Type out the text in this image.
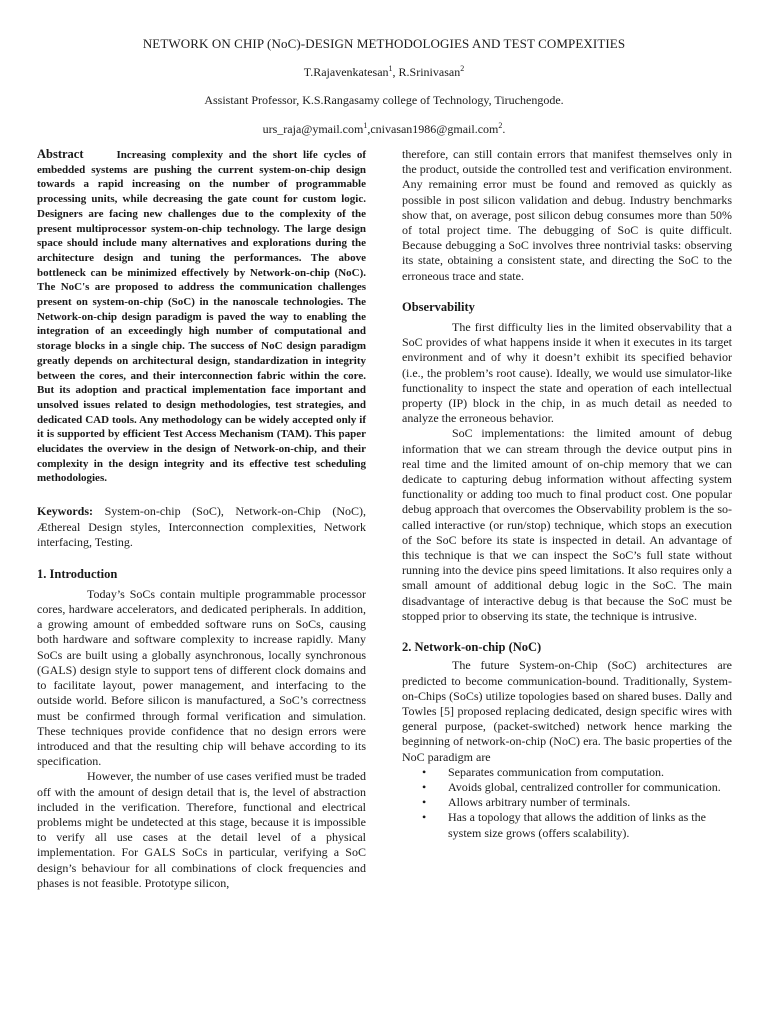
NETWORK ON CHIP (NoC)-DESIGN METHODOLOGIES AND TEST COMPEXITIES
T.Rajavenkatesan$^1$, R.Srinivasan$^2$
Assistant Professor, K.S.Rangasamy college of Technology, Tiruchengode.
urs_raja@ymail.com$^1$,cnivasan1986@gmail.com$^2$.

Abstract	Increasing complexity and the short life cycles of embedded systems are pushing the current system-on-chip design towards a rapid increasing on the number of programmable processing units, while decreasing the gate count for custom logic. Designers are facing new challenges due to the complexity of the present multiprocessor system-on-chip technology. The large design space should include many alternatives and explorations during the architecture design and tuning the performances. The above bottleneck can be minimized effectively by Network-on-chip (NoC). The NoC's are proposed to address the communication challenges present on system-on-chip (SoC) in the nanoscale technologies. The Network-on-chip design paradigm is paved the way to enabling the integration of an exceedingly high number of computational and storage blocks in a single chip. The success of NoC design paradigm greatly depends on architectural design, standardization in integrity between the cores, and their interconnection fabric within the core. But its adoption and practical implementation face important and unsolved issues related to design methodologies, test strategies, and dedicated CAD tools. Any methodology can be widely accepted only if it is supported by efficient Test Access Mechanism (TAM). This paper elucidates the overview in the design of Network-on-chip, and their complexity in the design integrity and its effective test scheduling methodologies.

Keywords: System-on-chip (SoC), Network-on-Chip (NoC), Æthereal Design styles, Interconnection complexities, Network interfacing, Testing.

1. Introduction

Today’s SoCs contain multiple programmable processor cores, hardware accelerators, and dedicated peripherals. In addition, a growing amount of embedded software runs on SoCs, causing both hardware and software complexity to increase rapidly. Many SoCs are built using a globally asynchronous, locally synchronous (GALS) design style to support tens of different clock domains and to facilitate layout, power management, and interfacing to the outside world. Before silicon is manufactured, a SoC’s correctness must be confirmed through formal verification and simulation. These techniques provide confidence that no design errors were introduced and that the resulting chip will behave according to its specification.

However, the number of use cases verified must be traded off with the amount of design detail that is, the level of abstraction included in the verification. Therefore, functional and electrical problems might be undetected at this stage, because it is impossible to verify all use cases at the detail level of a physical implementation. For GALS SoCs in particular, verifying a SoC design’s behaviour for all combinations of clock frequencies and phases is not feasible. Prototype silicon,

therefore, can still contain errors that manifest themselves only in the product, outside the controlled test and verification environment. Any remaining error must be found and removed as quickly as possible in post silicon validation and debug. Industry benchmarks show that, on average, post silicon debug consumes more than 50% of total project time. The debugging of SoC is quite difficult. Because debugging a SoC involves three nontrivial tasks: observing its state, obtaining a consistent state, and directing the SoC to the erroneous trace and state.

Observability

The first difficulty lies in the limited observability that a SoC provides of what happens inside it when it executes in its target environment and of why it doesn’t exhibit its specified behavior (i.e., the problem’s root cause). Ideally, we would use simulator-like functionality to inspect the state and operation of each intellectual property (IP) block in the chip, in as much detail as needed to analyze the erroneous behavior.

SoC implementations: the limited amount of debug information that we can stream through the device output pins in real time and the limited amount of on-chip memory that we can dedicate to capturing debug information without affecting system functionality or adding too much to final product cost. One popular debug approach that overcomes the Observability problem is the so-called interactive (or run/stop) technique, which stops an execution of the SoC before its state is inspected in detail. An advantage of this technique is that we can inspect the SoC’s full state without running into the device pins speed limitations. It also requires only a small amount of additional debug logic in the SoC. The main disadvantage of interactive debug is that because the SoC must be stopped prior to observing its state, the technique is intrusive.

2. Network-on-chip (NoC)

The future System-on-Chip (SoC) architectures are predicted to become communication-bound. Traditionally, System-on-Chips (SoCs) utilize topologies based on shared buses. Dally and Towles [5] proposed replacing dedicated, design specific wires with general purpose, (packet-switched) network hence marking the beginning of network-on-chip (NoC) era. The basic properties of the NoC paradigm are

• Separates communication from computation.
• Avoids global, centralized controller for communication.
• Allows arbitrary number of terminals.
• Has a topology that allows the addition of links as the system size grows (offers scalability).
